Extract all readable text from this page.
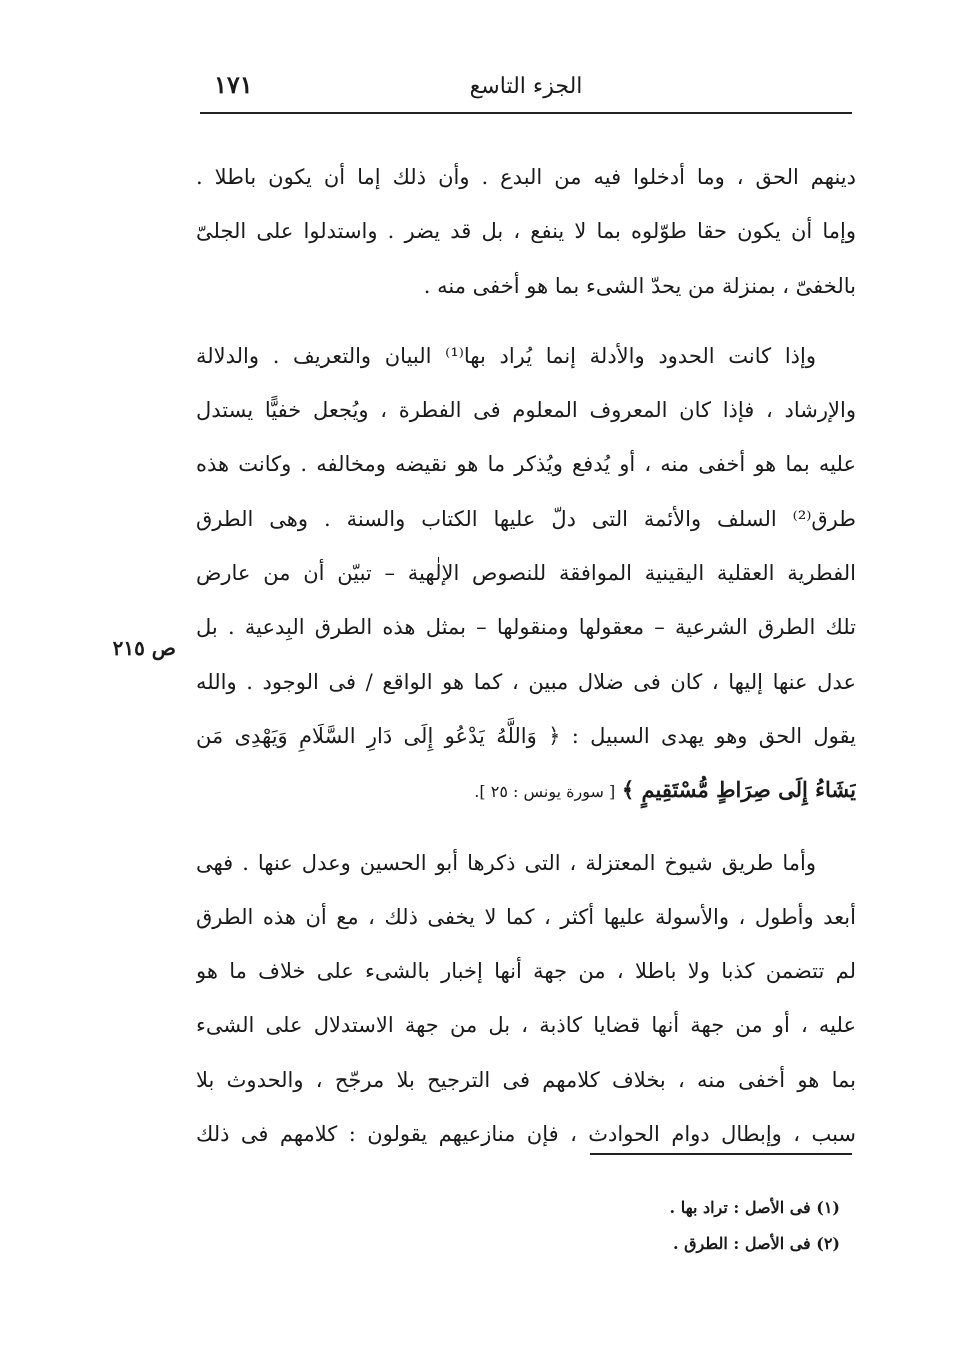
١٧١	الجزء التاسع
ص ٢١٥

دينهم الحق ، وما أدخلوا فيه من البدع . وأن ذلك إما أن يكون باطلا .
وإما أن يكون حقا طوّلوه بما لا ينفع ، بل قد يضر . واستدلوا على الجلىّ
بالخفىّ ، بمنزلة من يحدّ الشىء بما هو أخفى منه .

وإذا كانت الحدود والأدلة إنما يُراد بها⁽¹⁾ البيان والتعريف . والدلالة
والإرشاد ، فإذا كان المعروف المعلوم فى الفطرة ، ويُجعل خفيًّا يستدل
عليه بما هو أخفى منه ، أو يُدفع ويُذكر ما هو نقيضه ومخالفه . وكانت هذه
طرق⁽²⁾ السلف والأئمة التى دلّ عليها الكتاب والسنة . وهى الطرق
الفطرية العقلية اليقينية الموافقة للنصوص الإلٰهية – تبيّن أن من عارض
تلك الطرق الشرعية – معقولها ومنقولها – بمثل هذه الطرق البِدعية . بل
عدل عنها إليها ، كان فى ضلال مبين ، كما هو الواقع / فى الوجود . والله
يقول الحق وهو يهدى السبيل : ﴿ وَاللَّهُ يَدْعُو إِلَى دَارِ السَّلَامِ وَيَهْدِى مَن
يَشَاءُ إِلَى صِرَاطٍ مُّسْتَقِيمٍ ﴾ [ سورة يونس : ٢٥ ].

وأما طريق شيوخ المعتزلة ، التى ذكرها أبو الحسين وعدل عنها . فهى
أبعد وأطول ، والأسولة عليها أكثر ، كما لا يخفى ذلك ، مع أن هذه الطرق
لم تتضمن كذبا ولا باطلا ، من جهة أنها إخبار بالشىء على خلاف ما هو
عليه ، أو من جهة أنها قضايا كاذبة ، بل من جهة الاستدلال على الشىء
بما هو أخفى منه ، بخلاف كلامهم فى الترجيح بلا مرجّح ، والحدوث بلا
سبب ، وإبطال دوام الحوادث ، فإن منازعيهم يقولون : كلامهم فى ذلك

(١) فى الأصل : تراد بها .
(٢) فى الأصل : الطرق .
